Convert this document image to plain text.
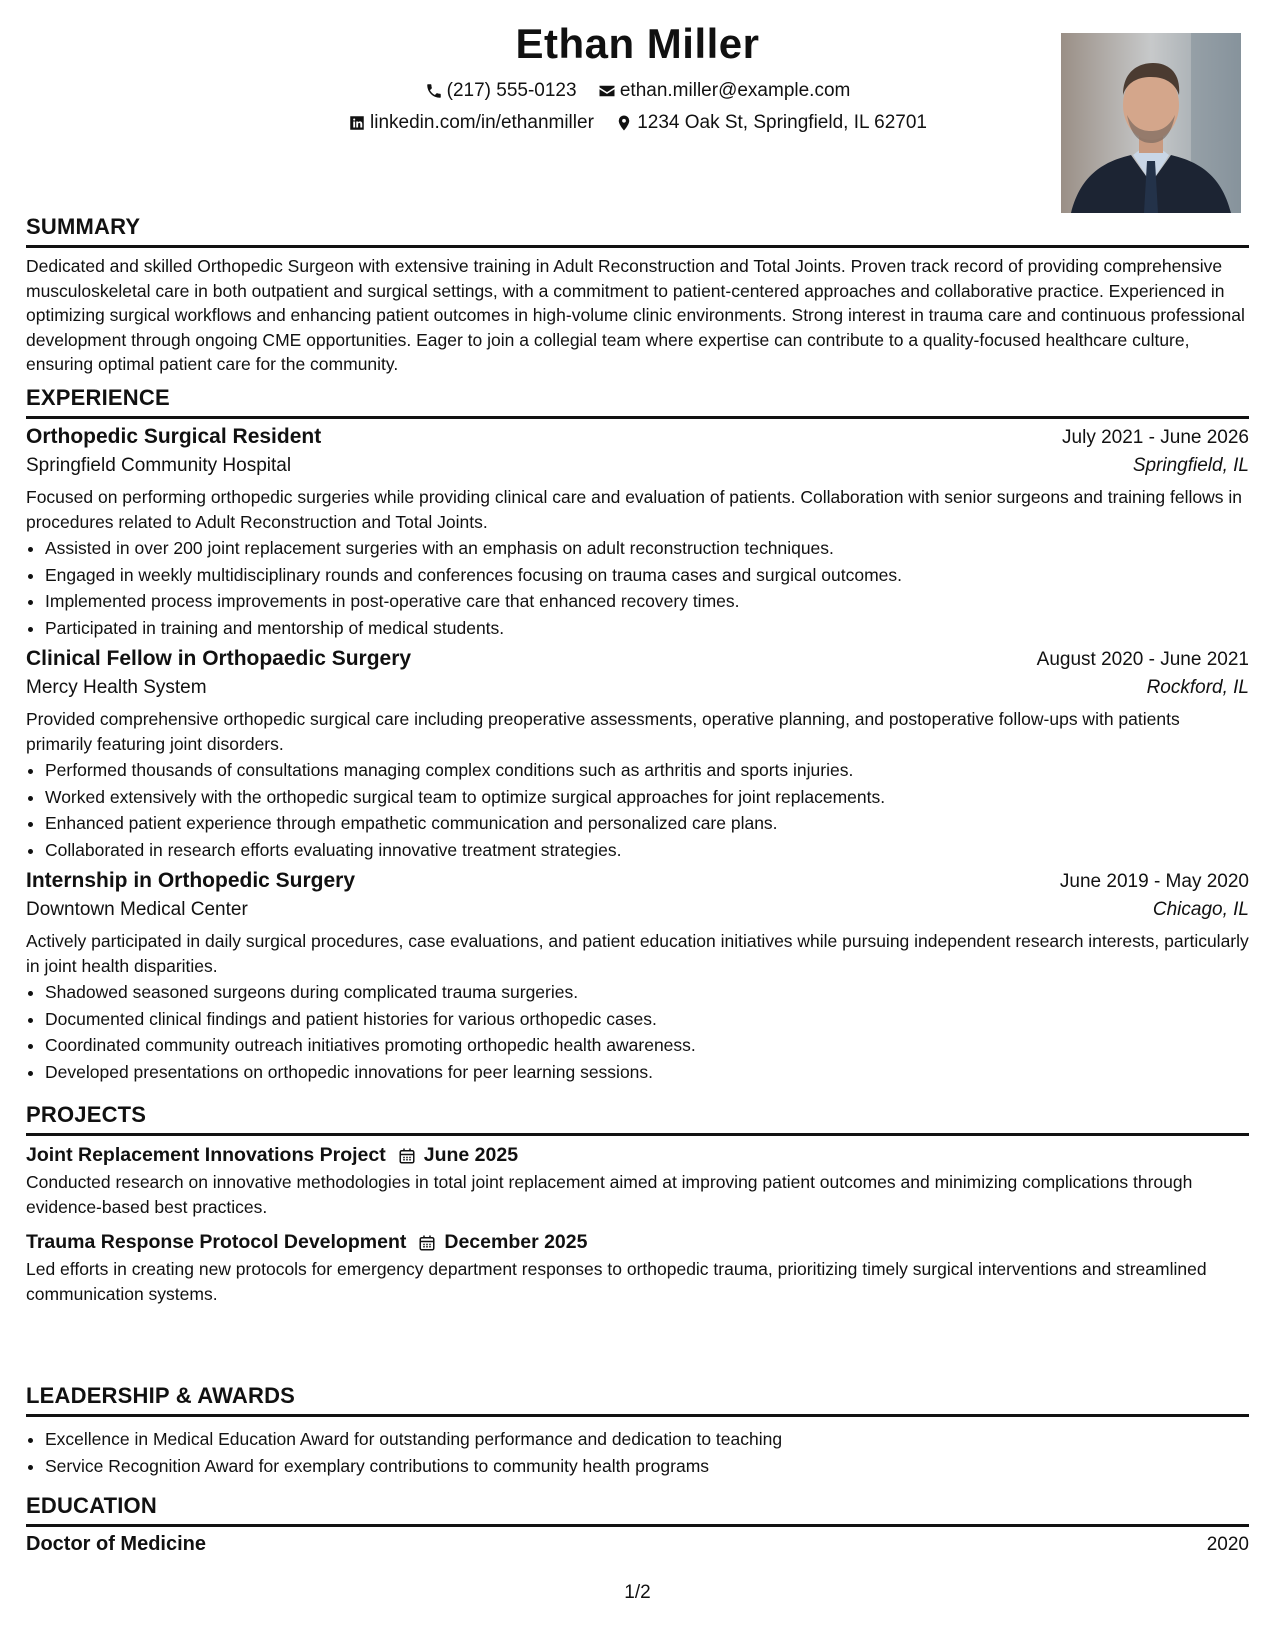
Ethan Miller
(217) 555-0123
ethan.miller@example.com
linkedin.com/in/ethanmiller
1234 Oak St, Springfield, IL 62701
SUMMARY

Dedicated and skilled Orthopedic Surgeon with extensive training in Adult Reconstruction and Total Joints. Proven track record of providing comprehensive musculoskeletal care in both outpatient and surgical settings, with a commitment to patient-centered approaches and collaborative practice. Experienced in optimizing surgical workflows and enhancing patient outcomes in high-volume clinic environments. Strong interest in trauma care and continuous professional development through ongoing CME opportunities. Eager to join a collegial team where expertise can contribute to a quality-focused healthcare culture, ensuring optimal patient care for the community.

EXPERIENCE
Orthopedic Surgical Resident	July 2021 - June 2026
Springfield Community Hospital	Springfield, IL

Focused on performing orthopedic surgeries while providing clinical care and evaluation of patients. Collaboration with senior surgeons and training fellows in procedures related to Adult Reconstruction and Total Joints.

• Assisted in over 200 joint replacement surgeries with an emphasis on adult reconstruction techniques.
• Engaged in weekly multidisciplinary rounds and conferences focusing on trauma cases and surgical outcomes.
• Implemented process improvements in post-operative care that enhanced recovery times.
• Participated in training and mentorship of medical students.
Clinical Fellow in Orthopaedic Surgery	August 2020 - June 2021
Mercy Health System	Rockford, IL

Provided comprehensive orthopedic surgical care including preoperative assessments, operative planning, and postoperative follow-ups with patients primarily featuring joint disorders.

• Performed thousands of consultations managing complex conditions such as arthritis and sports injuries.
• Worked extensively with the orthopedic surgical team to optimize surgical approaches for joint replacements.
• Enhanced patient experience through empathetic communication and personalized care plans.
• Collaborated in research efforts evaluating innovative treatment strategies.
Internship in Orthopedic Surgery	June 2019 - May 2020
Downtown Medical Center	Chicago, IL

Actively participated in daily surgical procedures, case evaluations, and patient education initiatives while pursuing independent research interests, particularly in joint health disparities.

• Shadowed seasoned surgeons during complicated trauma surgeries.
• Documented clinical findings and patient histories for various orthopedic cases.
• Coordinated community outreach initiatives promoting orthopedic health awareness.
• Developed presentations on orthopedic innovations for peer learning sessions.
PROJECTS
Joint Replacement Innovations Project June 2025

Conducted research on innovative methodologies in total joint replacement aimed at improving patient outcomes and minimizing complications through evidence-based best practices.

Trauma Response Protocol Development December 2025

Led efforts in creating new protocols for emergency department responses to orthopedic trauma, prioritizing timely surgical interventions and streamlined communication systems.

LEADERSHIP & AWARDS
• Excellence in Medical Education Award for outstanding performance and dedication to teaching
• Service Recognition Award for exemplary contributions to community health programs
EDUCATION
Doctor of Medicine	2020
1/2
